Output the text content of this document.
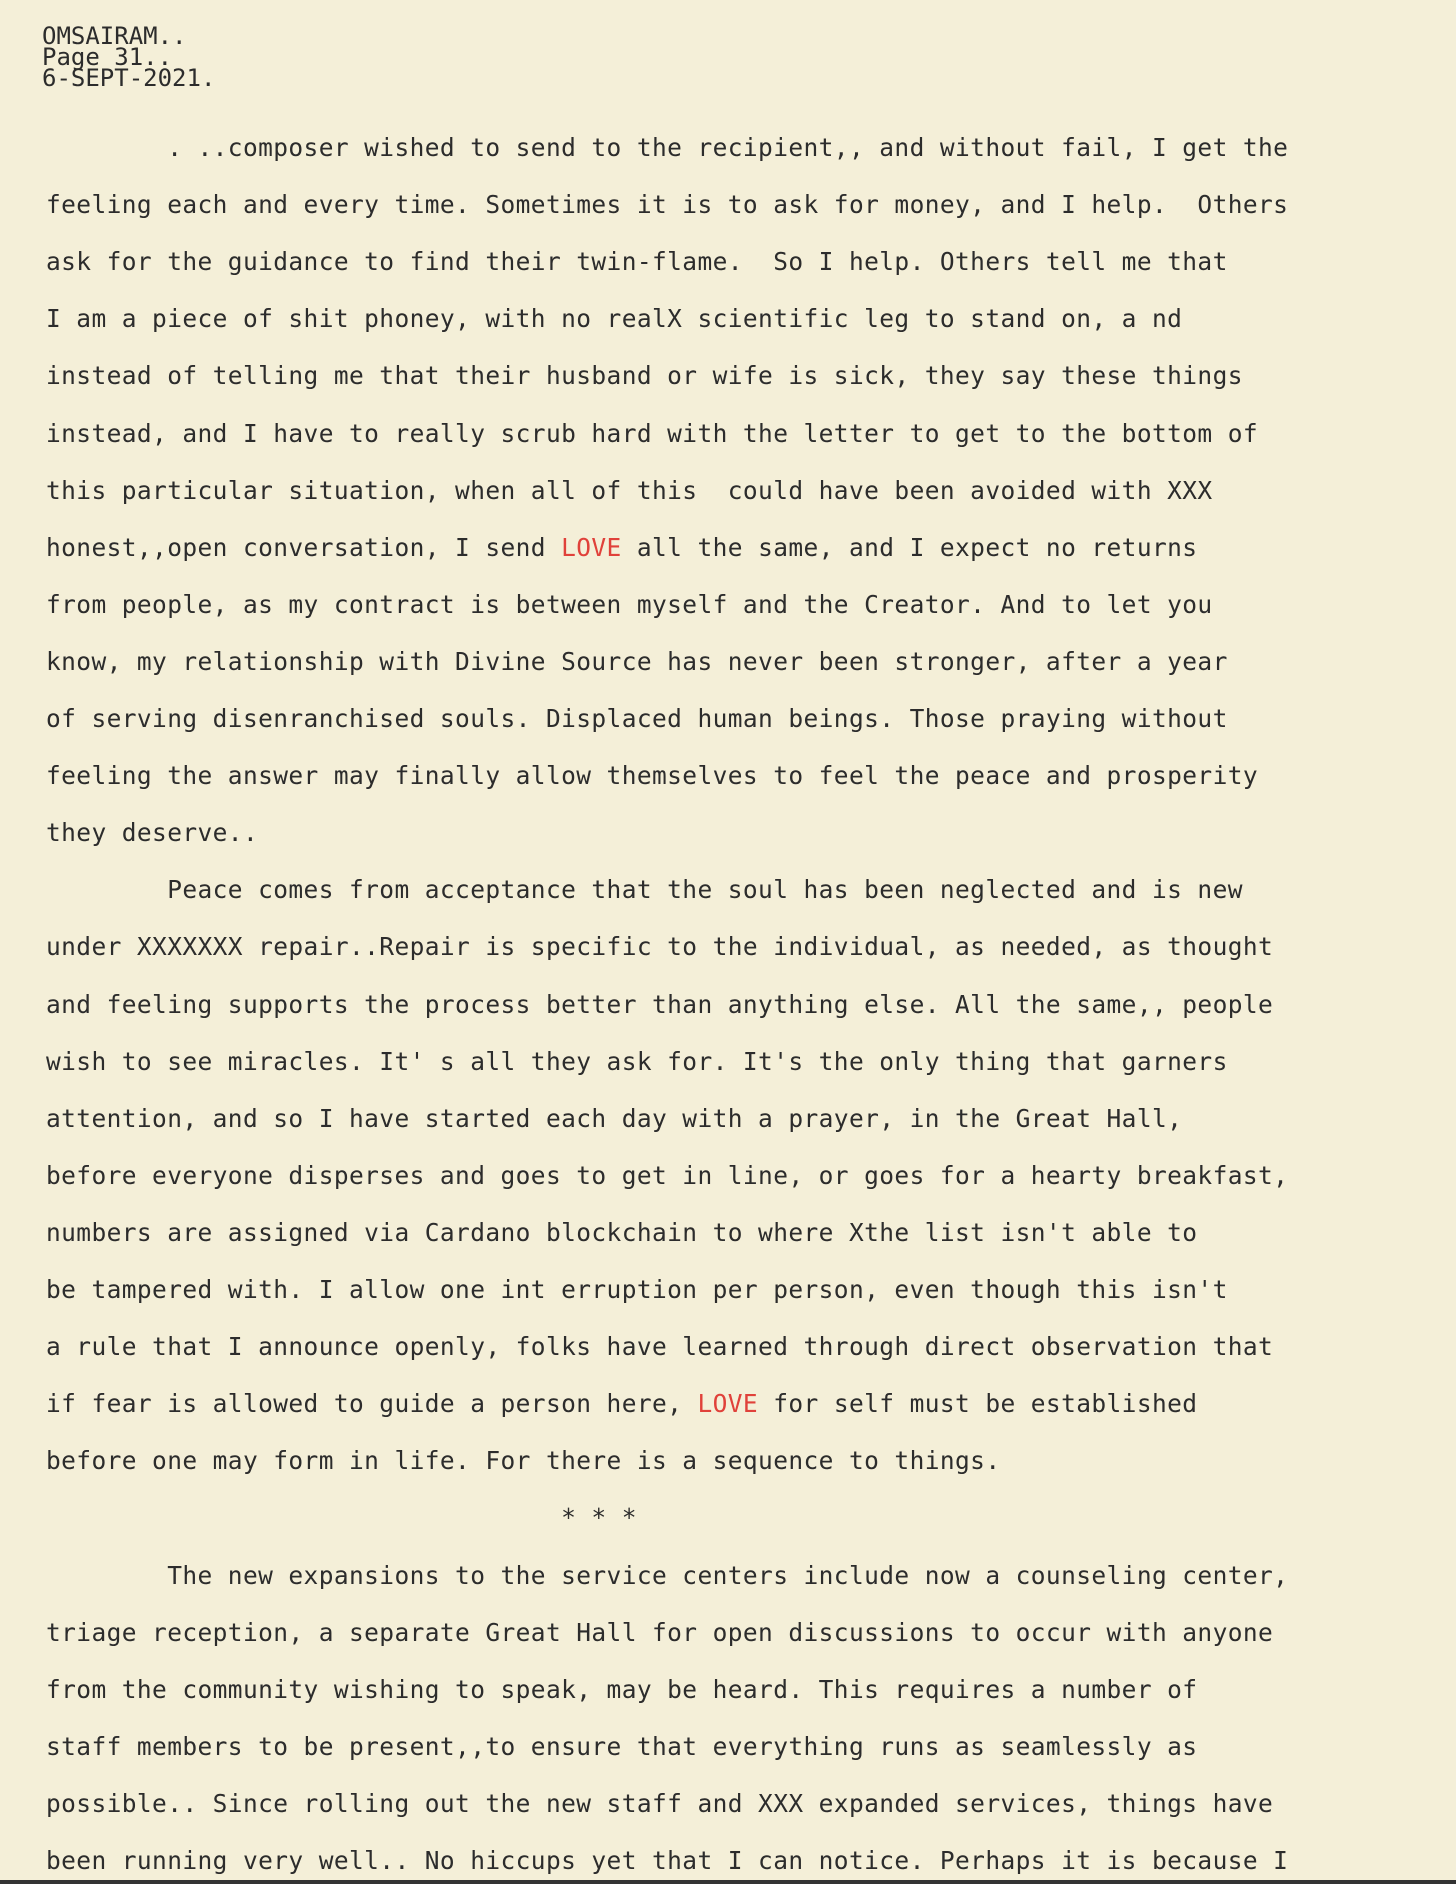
OMSAIRAM..
Page 31..
6-SEPT-2021.
. ..composer wished to send to the recipient,, and without fail, I get the
feeling each and every time. Sometimes it is to ask for money, and I help.  Others
ask for the guidance to find their twin-flame.  So I help. Others tell me that
I am a piece of shit phoney, with no realX scientific leg to stand on, a nd
instead of telling me that their husband or wife is sick, they say these things
instead, and I have to really scrub hard with the letter to get to the bottom of
this particular situation, when all of this  could have been avoided with XXX
honest,,open conversation, I send LOVE all the same, and I expect no returns
from people, as my contract is between myself and the Creator. And to let you
know, my relationship with Divine Source has never been stronger, after a year
of serving disenranchised souls. Displaced human beings. Those praying without
feeling the answer may finally allow themselves to feel the peace and prosperity
they deserve..
Peace comes from acceptance that the soul has been neglected and is new
under XXXXXXX repair..Repair is specific to the individual, as needed, as thought
and feeling supports the process better than anything else. All the same,, people
wish to see miracles. It' s all they ask for. It's the only thing that garners
attention, and so I have started each day with a prayer, in the Great Hall,
before everyone disperses and goes to get in line, or goes for a hearty breakfast,
numbers are assigned via Cardano blockchain to where Xthe list isn't able to
be tampered with. I allow one int erruption per person, even though this isn't
a rule that I announce openly, folks have learned through direct observation that
if fear is allowed to guide a person here, LOVE for self must be established
before one may form in life. For there is a sequence to things.
* * *
The new expansions to the service centers include now a counseling center,
triage reception, a separate Great Hall for open discussions to occur with anyone
from the community wishing to speak, may be heard. This requires a number of
staff members to be present,,to ensure that everything runs as seamlessly as
possible.. Since rolling out the new staff and XXX expanded services, things have
been running very well.. No hiccups yet that I can notice. Perhaps it is because I
